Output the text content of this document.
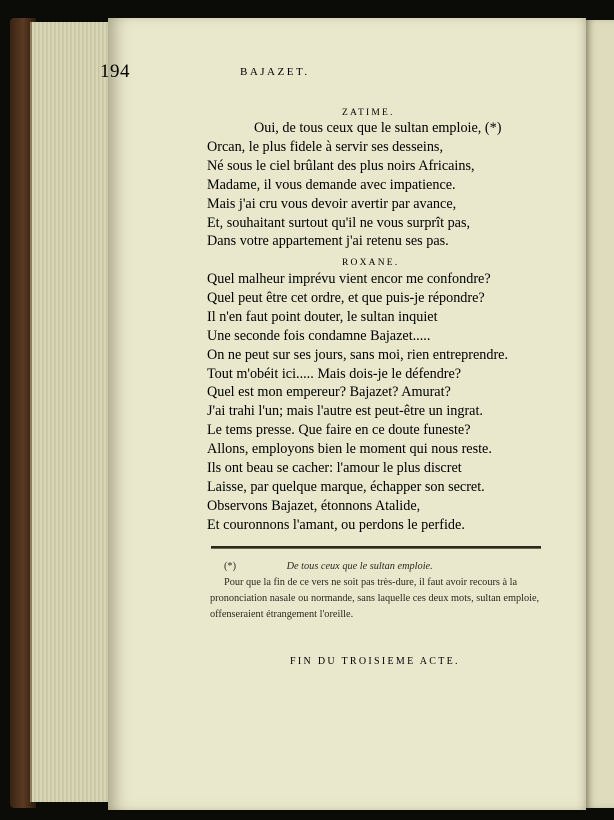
194	BAJAZET.
ZATIME.
Oui, de tous ceux que le sultan emploie, (*)
Orcan, le plus fidele à servir ses desseins,
Né sous le ciel brûlant des plus noirs Africains,
Madame, il vous demande avec impatience.
Mais j'ai cru vous devoir avertir par avance,
Et, souhaitant surtout qu'il ne vous surprît pas,
Dans votre appartement j'ai retenu ses pas.
ROXANE.
Quel malheur imprévu vient encor me confondre?
Quel peut être cet ordre, et que puis-je répondre?
Il n'en faut point douter, le sultan inquiet
Une seconde fois condamne Bajazet.....
On ne peut sur ses jours, sans moi, rien entreprendre.
Tout m'obéit ici..... Mais dois-je le défendre?
Quel est mon empereur? Bajazet? Amurat?
J'ai trahi l'un; mais l'autre est peut-être un ingrat.
Le tems presse. Que faire en ce doute funeste?
Allons, employons bien le moment qui nous reste.
Ils ont beau se cacher: l'amour le plus discret
Laisse, par quelque marque, échapper son secret.
Observons Bajazet, étonnons Atalide,
Et couronnons l'amant, ou perdons le perfide.
(*)	De tous ceux que le sultan emploie.
Pour que la fin de ce vers ne soit pas très-dure, il faut avoir recours à la prononciation nasale ou normande, sans laquelle ces deux mots, sultan emploie, offenseraient étrangement l'oreille.
FIN DU TROISIEME ACTE.
